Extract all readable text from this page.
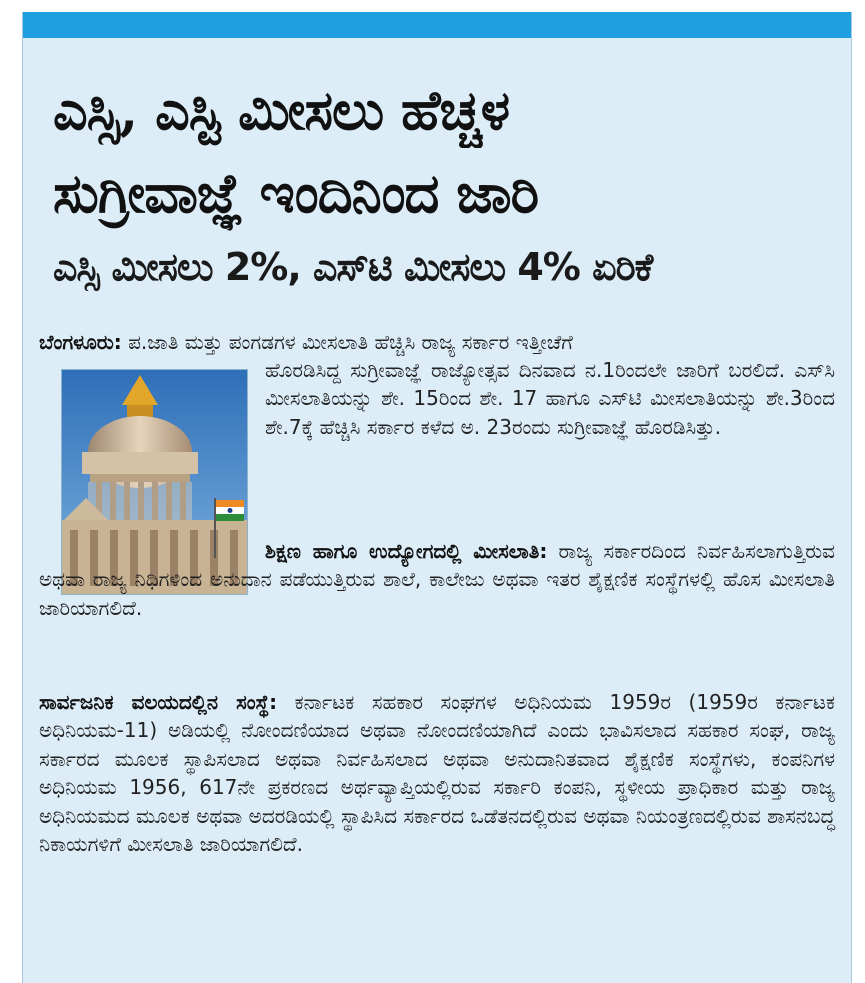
ಎಸ್ಸಿ, ಎಸ್ಟಿ ಮೀಸಲು ಹೆಚ್ಚಳ
ಸುಗ್ರೀವಾಜ್ಞೆ ಇಂದಿನಿಂದ ಜಾರಿ
ಎಸ್ಸಿ ಮೀಸಲು 2%, ಎಸ್‌ಟಿ ಮೀಸಲು 4% ಏರಿಕೆ

ಬೆಂಗಳೂರು: ಪ.ಜಾತಿ ಮತ್ತು ಪಂಗಡಗಳ ಮೀಸಲಾತಿ ಹೆಚ್ಚಿಸಿ ರಾಜ್ಯ ಸರ್ಕಾರ ಇತ್ತೀಚೆಗೆ

ಹೊರಡಿಸಿದ್ದ ಸುಗ್ರೀವಾಜ್ಞೆ ರಾಜ್ಯೋತ್ಸವ ದಿನವಾದ ನ.1ರಿಂದಲೇ ಜಾರಿಗೆ ಬರಲಿದೆ. ಎಸ್‌ಸಿ ಮೀಸಲಾತಿಯನ್ನು ಶೇ. 15ರಿಂದ ಶೇ. 17 ಹಾಗೂ ಎಸ್‌ಟಿ ಮೀಸಲಾತಿಯನ್ನು ಶೇ.3ರಿಂದ ಶೇ.7ಕ್ಕೆ ಹೆಚ್ಚಿಸಿ ಸರ್ಕಾರ ಕಳೆದ ಅ. 23ರಂದು ಸುಗ್ರೀವಾಜ್ಞೆ ಹೊರಡಿಸಿತ್ತು.

ಶಿಕ್ಷಣ ಹಾಗೂ ಉದ್ಯೋಗದಲ್ಲಿ ಮೀಸಲಾತಿ: ರಾಜ್ಯ ಸರ್ಕಾರದಿಂದ ನಿರ್ವಹಿಸಲಾಗುತ್ತಿರುವ ಅಥವಾ ರಾಜ್ಯ ನಿಧಿಗಳಿಂದ ಅನುದಾನ ಪಡೆಯುತ್ತಿರುವ ಶಾಲೆ, ಕಾಲೇಜು ಅಥವಾ ಇತರ ಶೈಕ್ಷಣಿಕ ಸಂಸ್ಥೆಗಳಲ್ಲಿ ಹೊಸ ಮೀಸಲಾತಿ ಜಾರಿಯಾಗಲಿದೆ.

ಸಾರ್ವಜನಿಕ ವಲಯದಲ್ಲಿನ ಸಂಸ್ಥೆ: ಕರ್ನಾಟಕ ಸಹಕಾರ ಸಂಘಗಳ ಅಧಿನಿಯಮ 1959ರ (1959ರ ಕರ್ನಾಟಕ ಅಧಿನಿಯಮ-11) ಅಡಿಯಲ್ಲಿ ನೋಂದಣಿಯಾದ ಅಥವಾ ನೋಂದಣಿಯಾಗಿದೆ ಎಂದು ಭಾವಿಸಲಾದ ಸಹಕಾರ ಸಂಘ, ರಾಜ್ಯ ಸರ್ಕಾರದ ಮೂಲಕ ಸ್ಥಾಪಿಸಲಾದ ಅಥವಾ ನಿರ್ವಹಿಸಲಾದ ಅಥವಾ ಅನುದಾನಿತವಾದ ಶೈಕ್ಷಣಿಕ ಸಂಸ್ಥೆಗಳು, ಕಂಪನಿಗಳ ಅಧಿನಿಯಮ 1956, 617ನೇ ಪ್ರಕರಣದ ಅರ್ಥವ್ಯಾಪ್ತಿಯಲ್ಲಿರುವ ಸರ್ಕಾರಿ ಕಂಪನಿ, ಸ್ಥಳೀಯ ಪ್ರಾಧಿಕಾರ ಮತ್ತು ರಾಜ್ಯ ಅಧಿನಿಯಮದ ಮೂಲಕ ಅಥವಾ ಅದರಡಿಯಲ್ಲಿ ಸ್ಥಾಪಿಸಿದ ಸರ್ಕಾರದ ಒಡೆತನದಲ್ಲಿರುವ ಅಥವಾ ನಿಯಂತ್ರಣದಲ್ಲಿರುವ ಶಾಸನಬದ್ಧ ನಿಕಾಯಗಳಿಗೆ ಮೀಸಲಾತಿ ಜಾರಿಯಾಗಲಿದೆ.
